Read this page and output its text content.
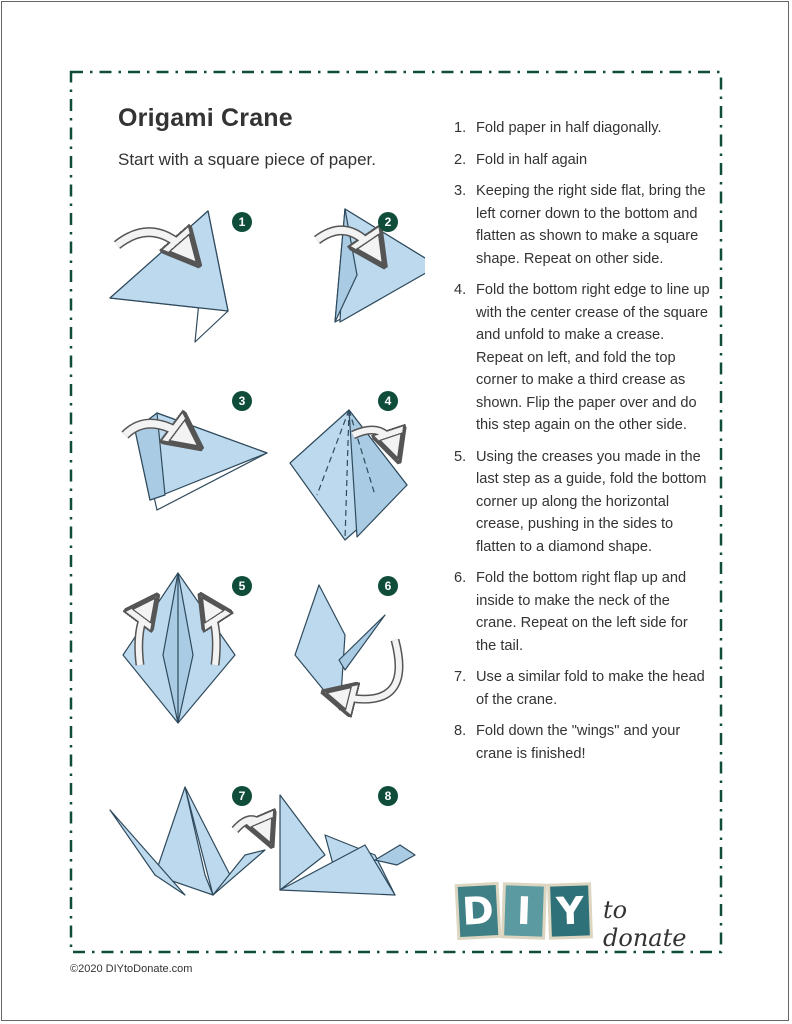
Origami Crane

Start with a square piece of paper.

1	2
3	4
5	6
7	8
1. Fold paper in half diagonally.
2. Fold in half again
3. Keeping the right side flat, bring the left corner down to the bottom and flatten as shown to make a square shape. Repeat on other side.
4. Fold the bottom right edge to line up with the center crease of the square and unfold to make a crease. Repeat on left, and fold the top corner to make a third crease as shown. Flip the paper over and do this step again on the other side.
5. Using the creases you made in the last step as a guide, fold the bottom corner up along the horizontal crease, pushing in the sides to flatten to a diamond shape.
6. Fold the bottom right flap up and inside to make the neck of the crane. Repeat on the left side for the tail.
7. Use a similar fold to make the head of the crane.
8. Fold down the "wings" and your crane is finished!
D I Y to donate
©2020 DIYtoDonate.com
